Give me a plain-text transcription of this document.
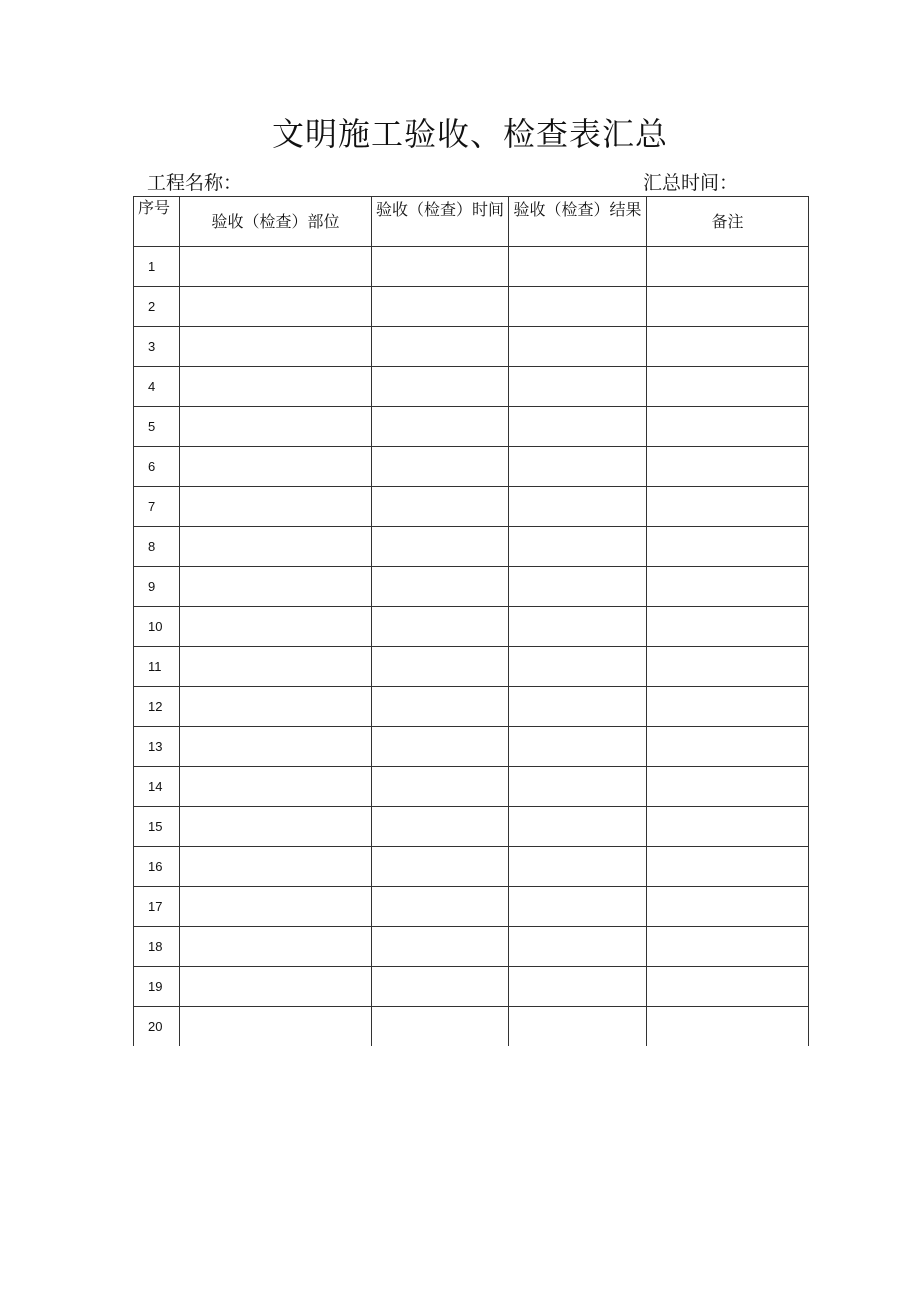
文明施工验收、检查表汇总
工程名称：	汇总时间：
序号	验收（检查）部位	验收（检查）时间	验收（检查）结果	备注
1				
2				
3				
4				
5				
6				
7				
8				
9				
10				
11				
12				
13				
14				
15				
16				
17				
18				
19				
20				
